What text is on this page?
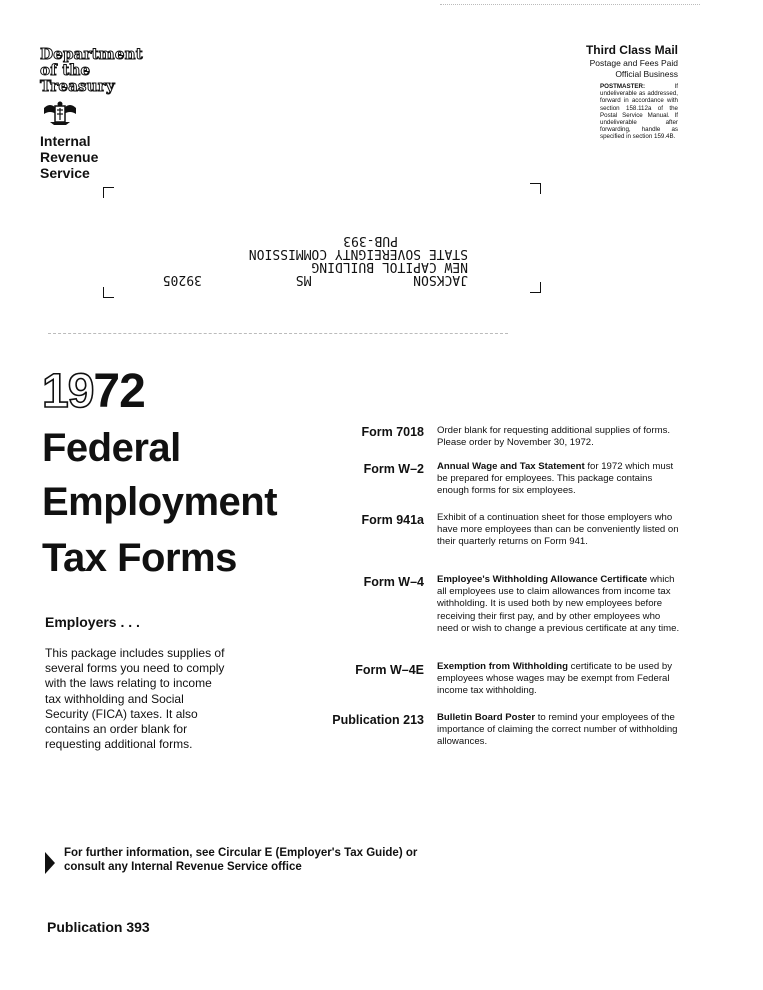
Department
of the
Treasury
Internal
Revenue
Service
Third Class Mail
Postage and Fees Paid
Official Business
POSTMASTER:	If undeliverable as addressed, forward in accordance with section 158.112a of the Postal Service Manual. If undeliverable after forwarding, handle as specified in section 159.4B.
JACKSON             MS            39205
NEW CAPITOL BUILDING
STATE SOVEREIGNTY COMMISSION
PUB-393
1972
Federal
Employment
Tax Forms
Employers . . .
This package includes supplies of several forms you need to comply with the laws relating to income tax withholding and Social Security (FICA) taxes. It also contains an order blank for requesting additional forms.
Form 7018 Order blank for requesting additional supplies of forms. Please order by November 30, 1972.
Form W–2 Annual Wage and Tax Statement for 1972 which must be prepared for employees. This package contains enough forms for six employees.
Form 941a Exhibit of a continuation sheet for those employers who have more employees than can be conveniently listed on their quarterly returns on Form 941.
Form W–4 Employee's Withholding Allowance Certificate which all employees use to claim allowances from income tax withholding. It is used both by new employees before receiving their first pay, and by other employees who need or wish to change a previous certificate at any time.
Form W–4E Exemption from Withholding certificate to be used by employees whose wages may be exempt from Federal income tax withholding.
Publication 213 Bulletin Board Poster to remind your employees of the importance of claiming the correct number of withholding allowances.
For further information, see Circular E (Employer's Tax Guide) or consult any Internal Revenue Service office
Publication 393
